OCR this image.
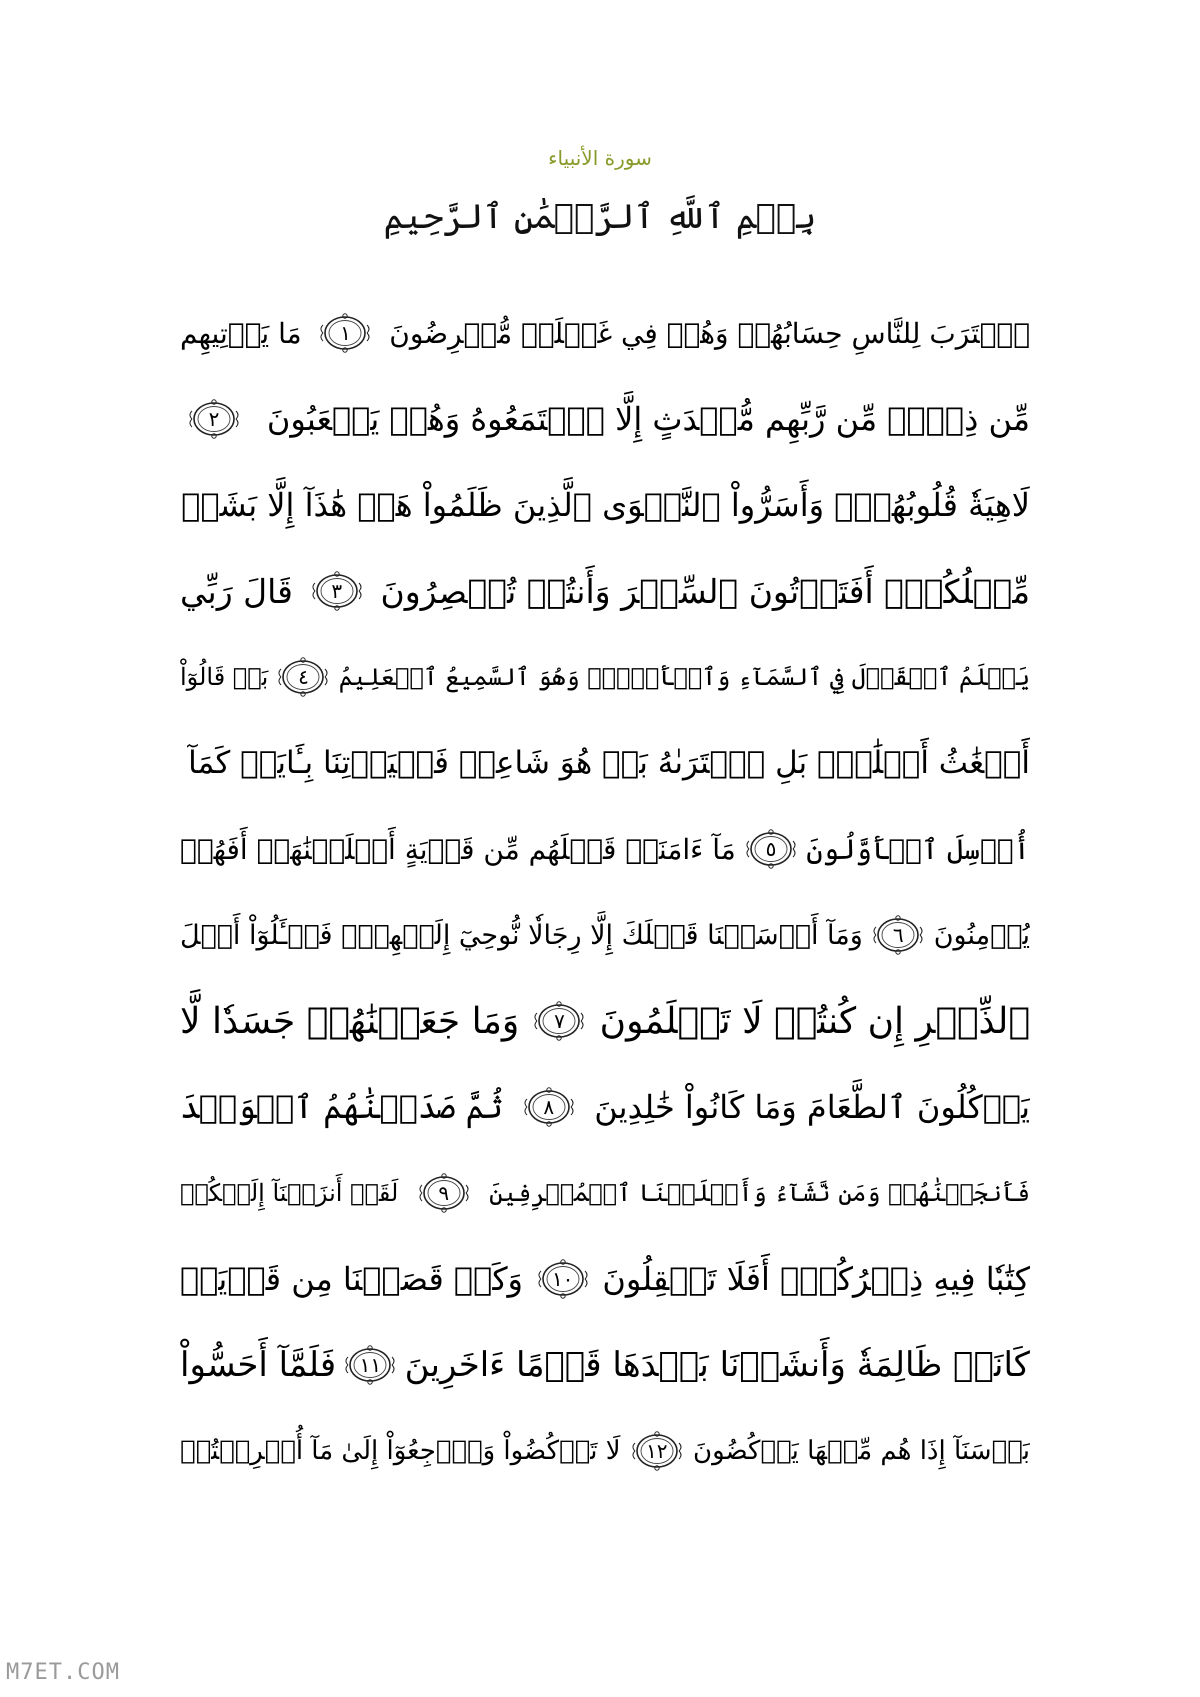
سورة الأنبياء
بِسۡمِ ٱللَّهِ ٱلرَّحۡمَٰنِ ٱلرَّحِيمِ
ٱقۡتَرَبَ لِلنَّاسِ حِسَابُهُمۡ وَهُمۡ فِي غَفۡلَةٖ مُّعۡرِضُونَ
١
مَا يَأۡتِيهِم
مِّن ذِكۡرٖ مِّن رَّبِّهِم مُّحۡدَثٍ إِلَّا ٱسۡتَمَعُوهُ وَهُمۡ يَلۡعَبُونَ
٢
لَاهِيَةٗ قُلُوبُهُمۡۗ وَأَسَرُّواْ ٱلنَّجۡوَى ٱلَّذِينَ ظَلَمُواْ هَلۡ هَٰذَآ إِلَّا بَشَرٞ
مِّثۡلُكُمۡۖ أَفَتَأۡتُونَ ٱلسِّحۡرَ وَأَنتُمۡ تُبۡصِرُونَ
٣
قَالَ رَبِّي
يَعۡلَمُ ٱلۡقَوۡلَ فِي ٱلسَّمَآءِ وَٱلۡأَرۡضِۖ وَهُوَ ٱلسَّمِيعُ ٱلۡعَلِيمُ
٤
بَلۡ قَالُوٓاْ
أَضۡغَٰثُ أَحۡلَٰمِۭ بَلِ ٱفۡتَرَىٰهُ بَلۡ هُوَ شَاعِرٞ فَلۡيَأۡتِنَا بِـَٔايَةٖ كَمَآ
أُرۡسِلَ ٱلۡأَوَّلُونَ
٥
مَآ ءَامَنَتۡ قَبۡلَهُم مِّن قَرۡيَةٍ أَهۡلَكۡنَٰهَآۖ أَفَهُمۡ
يُؤۡمِنُونَ
٦
وَمَآ أَرۡسَلۡنَا قَبۡلَكَ إِلَّا رِجَالٗا نُّوحِيٓ إِلَيۡهِمۡۖ فَسۡـَٔلُوٓاْ أَهۡلَ
ٱلذِّكۡرِ إِن كُنتُمۡ لَا تَعۡلَمُونَ
٧
وَمَا جَعَلۡنَٰهُمۡ جَسَدٗا لَّا
يَأۡكُلُونَ ٱلطَّعَامَ وَمَا كَانُواْ خَٰلِدِينَ
٨
ثُمَّ صَدَقۡنَٰهُمُ ٱلۡوَعۡدَ
فَأَنجَيۡنَٰهُمۡ وَمَن نَّشَآءُ وَأَهۡلَكۡنَا ٱلۡمُسۡرِفِينَ
٩
لَقَدۡ أَنزَلۡنَآ إِلَيۡكُمۡ
كِتَٰبٗا فِيهِ ذِكۡرُكُمۡۚ أَفَلَا تَعۡقِلُونَ
١٠
وَكَمۡ قَصَمۡنَا مِن قَرۡيَةٖ
كَانَتۡ ظَالِمَةٗ وَأَنشَأۡنَا بَعۡدَهَا قَوۡمًا ءَاخَرِينَ
١١
فَلَمَّآ أَحَسُّواْ
بَأۡسَنَآ إِذَا هُم مِّنۡهَا يَرۡكُضُونَ
١٢
لَا تَرۡكُضُواْ وَٱرۡجِعُوٓاْ إِلَىٰ مَآ أُتۡرِفۡتُمۡ
M7ET.COM
